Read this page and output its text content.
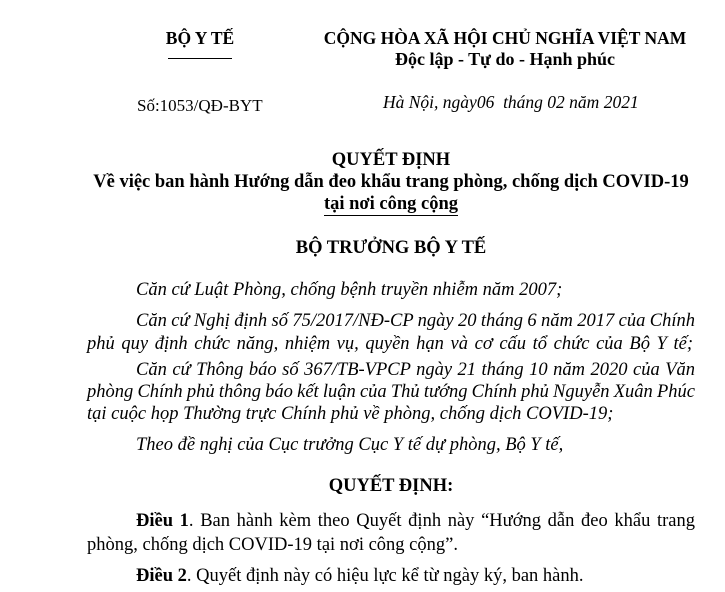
BỘ Y TẾ	CỘNG HÒA XÃ HỘI CHỦ NGHĨA VIỆT NAM
Độc lập - Tự do - Hạnh phúc
Số:1053/QĐ-BYT	Hà Nội, ngày06  tháng 02 năm 2021
QUYẾT ĐỊNH
Về việc ban hành Hướng dẫn đeo khẩu trang phòng, chống dịch COVID-19
tại nơi công cộng
BỘ TRƯỞNG BỘ Y TẾ
Căn cứ Luật Phòng, chống bệnh truyền nhiễm năm 2007;
Căn cứ Nghị định số 75/2017/NĐ-CP ngày 20 tháng 6 năm 2017 của Chính
phủ quy định chức năng, nhiệm vụ, quyền hạn và cơ cấu tổ chức của Bộ Y tế;
Căn cứ Thông báo số 367/TB-VPCP ngày 21 tháng 10 năm 2020 của Văn
phòng Chính phủ thông báo kết luận của Thủ tướng Chính phủ Nguyễn Xuân Phúc
tại cuộc họp Thường trực Chính phủ về phòng, chống dịch COVID-19;
Theo đề nghị của Cục trưởng Cục Y tế dự phòng, Bộ Y tế,
QUYẾT ĐỊNH:
Điều 1. Ban hành kèm theo Quyết định này “Hướng dẫn đeo khẩu trang
phòng, chống dịch COVID-19 tại nơi công cộng”.
Điều 2. Quyết định này có hiệu lực kể từ ngày ký, ban hành.
